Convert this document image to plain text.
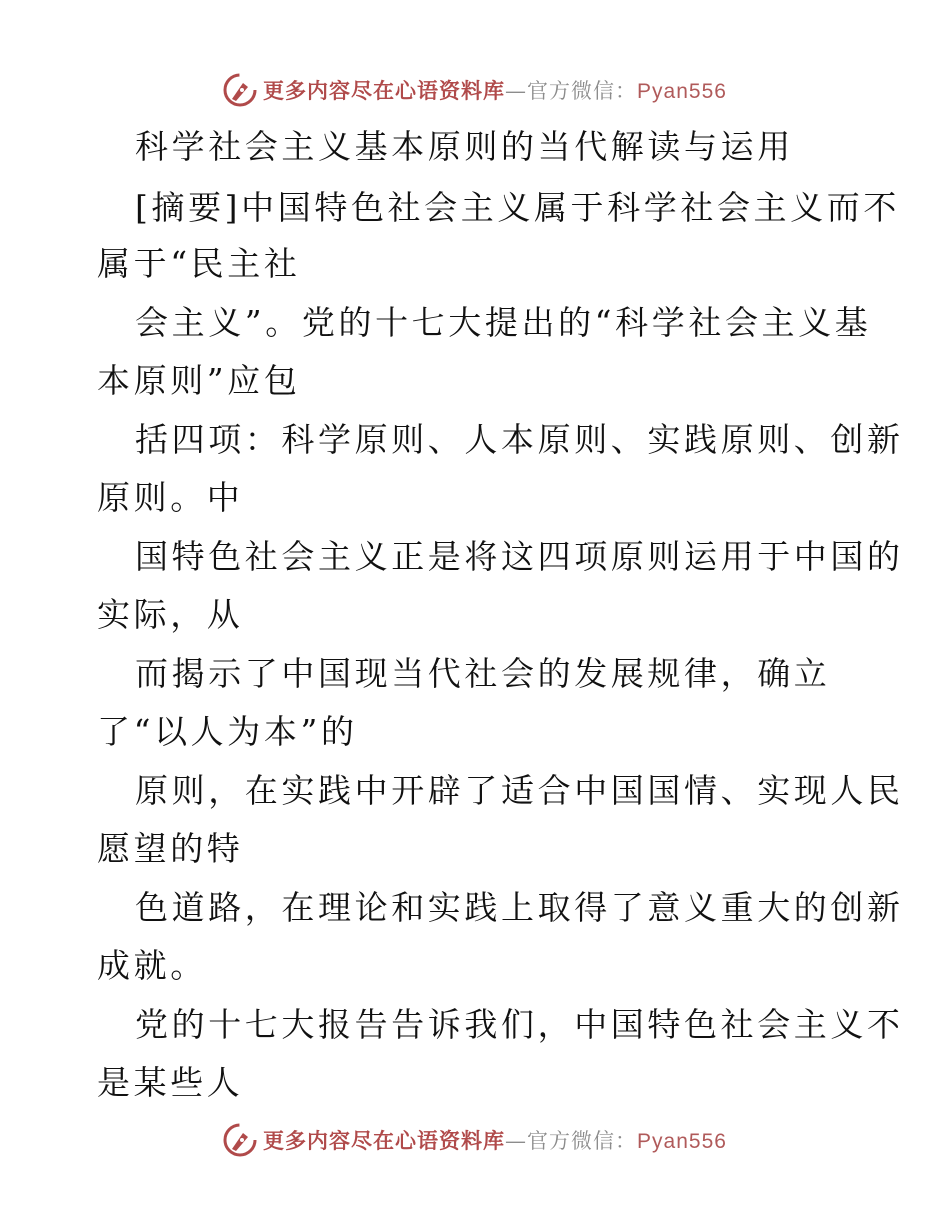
更多内容尽在心语资料库—官方微信：Pyan556
科学社会主义基本原则的当代解读与运用
[摘要]中国特色社会主义属于科学社会主义而不
属于“民主社
会主义”。党的十七大提出的“科学社会主义基
本原则”应包
括四项：科学原则、人本原则、实践原则、创新
原则。中
国特色社会主义正是将这四项原则运用于中国的
实际，从
而揭示了中国现当代社会的发展规律，确立
了“以人为本”的
原则，在实践中开辟了适合中国国情、实现人民
愿望的特
色道路，在理论和实践上取得了意义重大的创新
成就。
党的十七大报告告诉我们，中国特色社会主义不
是某些人
更多内容尽在心语资料库—官方微信：Pyan556
